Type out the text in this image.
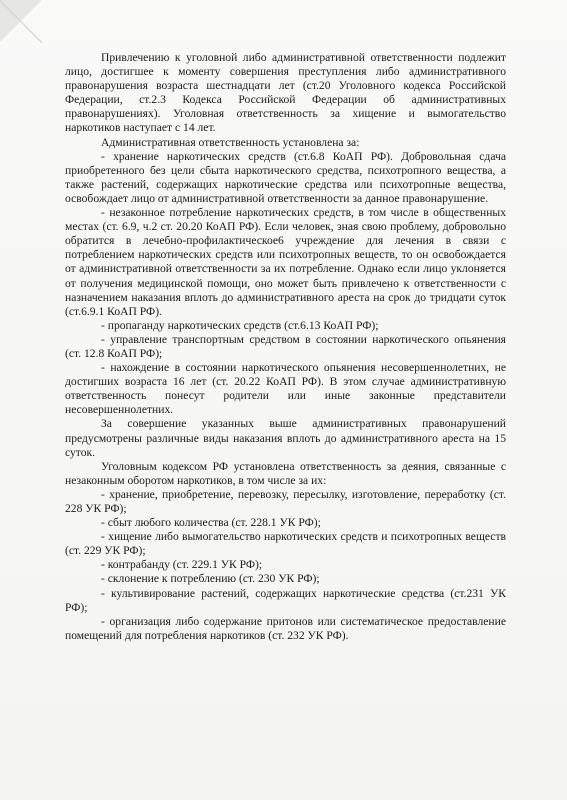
Привлечению к уголовной либо административной ответственности подлежит лицо, достигшее к моменту совершения преступления либо административного правонарушения возраста шестнадцати лет (ст.20 Уголовного кодекса Российской Федерации, ст.2.3 Кодекса Российской Федерации об административных правонарушениях). Уголовная ответственность за хищение и вымогательство наркотиков наступает с 14 лет.

Административная ответственность установлена за:

- хранение наркотических средств (ст.6.8 КоАП РФ). Добровольная сдача приобретенного без цели сбыта наркотического средства, психотропного вещества, а также растений, содержащих наркотические средства или психотропные вещества, освобождает лицо от административной ответственности за данное правонарушение.

- незаконное потребление наркотических средств, в том числе в общественных местах (ст. 6.9, ч.2 ст. 20.20 КоАП РФ). Если человек, зная свою проблему, добровольно обратится в лечебно-профилактическое6 учреждение для лечения в связи с потреблением наркотических средств или психотропных веществ, то он освобождается от административной ответственности за их потребление. Однако если лицо уклоняется от получения медицинской помощи, оно может быть привлечено к ответственности с назначением наказания вплоть до административного ареста на срок до тридцати суток (ст.6.9.1 КоАП РФ).

- пропаганду наркотических средств (ст.6.13 КоАП РФ);

- управление транспортным средством в состоянии наркотического опьянения (ст. 12.8 КоАП РФ);

- нахождение в состоянии наркотического опьянения несовершеннолетних, не достигших возраста 16 лет (ст. 20.22 КоАП РФ). В этом случае административную ответственность понесут родители или иные законные представители несовершеннолетних.

За совершение указанных выше административных правонарушений предусмотрены различные виды наказания вплоть до административного ареста на 15 суток.

Уголовным кодексом РФ установлена ответственность за деяния, связанные с незаконным оборотом наркотиков, в том числе за их:

- хранение, приобретение, перевозку, пересылку, изготовление, переработку (ст. 228 УК РФ);

- сбыт любого количества (ст. 228.1 УК РФ);

- хищение либо вымогательство наркотических средств и психотропных веществ (ст. 229 УК РФ);

- контрабанду (ст. 229.1 УК РФ);

- склонение к потреблению (ст. 230 УК РФ);

- культивирование растений, содержащих наркотические средства (ст.231 УК РФ);

- организация либо содержание притонов или систематическое предоставление помещений для потребления наркотиков (ст. 232 УК РФ).
